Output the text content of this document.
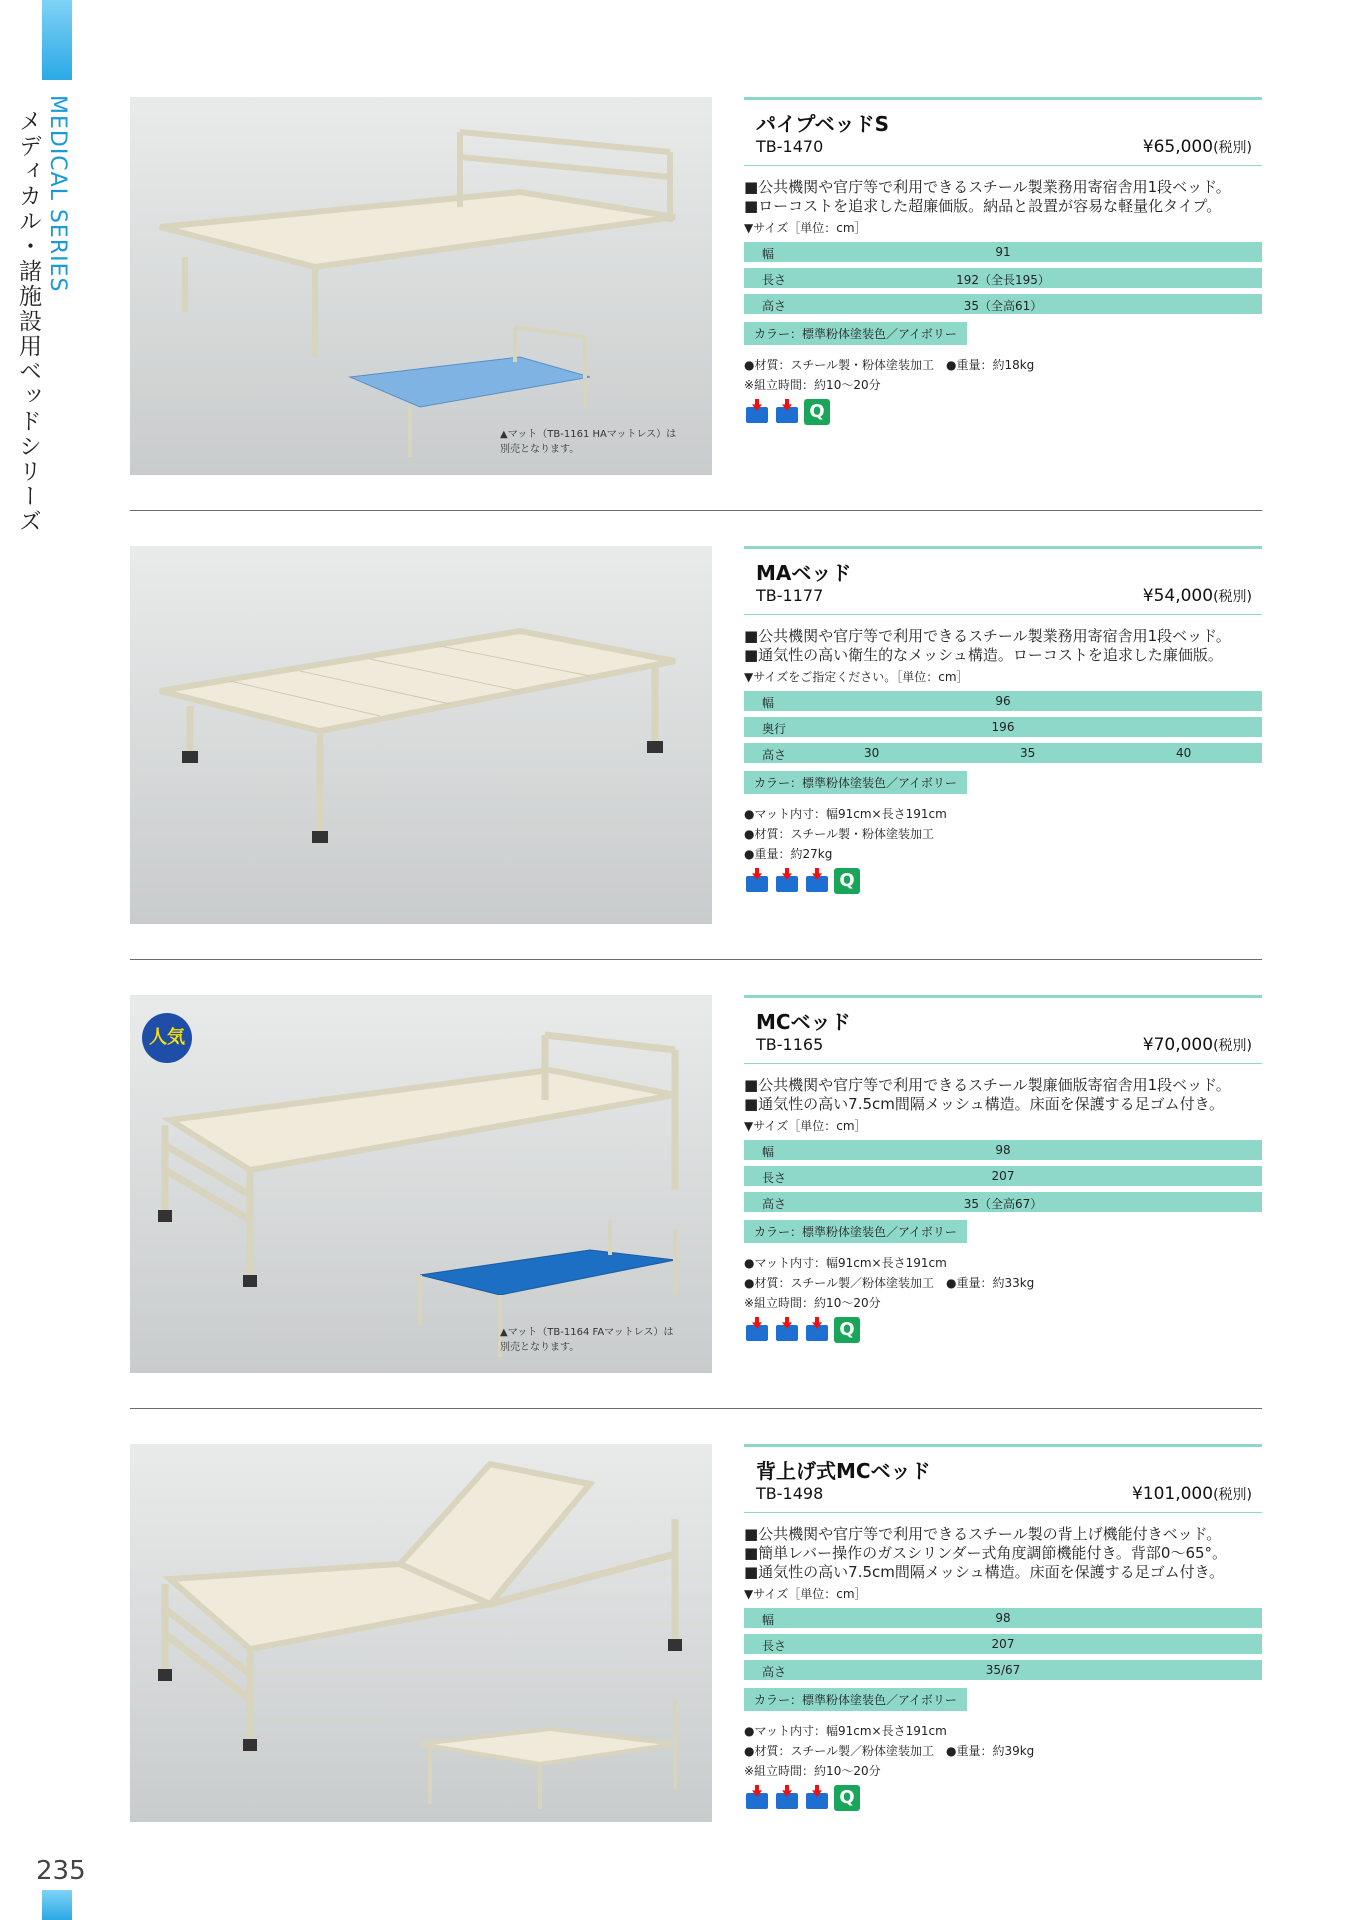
MEDICAL SERIES
メディカル・諸施設用ベッドシリーズ
235
▲マット（TB-1161 HAマットレス）は
別売となります。
パイプベッドS
TB-1470	¥65,000(税別)
■公共機関や官庁等で利用できるスチール製業務用寄宿舎用1段ベッド。
■ローコストを追求した超廉価版。納品と設置が容易な軽量化タイプ。
▼サイズ［単位：cm］
幅	91
長さ	192（全長195）
高さ	35（全高61）
カラー：標準粉体塗装色／アイボリー
●材質：スチール製・粉体塗装加工　●重量：約18kg
※組立時間：約10～20分
Q
MAベッド
TB-1177	¥54,000(税別)
■公共機関や官庁等で利用できるスチール製業務用寄宿舎用1段ベッド。
■通気性の高い衛生的なメッシュ構造。ローコストを追求した廉価版。
▼サイズをご指定ください。［単位：cm］
幅	96
奥行	196
高さ	30	35	40
カラー：標準粉体塗装色／アイボリー
●マット内寸：幅91cm×長さ191cm
●材質：スチール製・粉体塗装加工
●重量：約27kg
Q
人気
▲マット（TB-1164 FAマットレス）は
別売となります。
MCベッド
TB-1165	¥70,000(税別)
■公共機関や官庁等で利用できるスチール製廉価版寄宿舎用1段ベッド。
■通気性の高い7.5cm間隔メッシュ構造。床面を保護する足ゴム付き。
▼サイズ［単位：cm］
幅	98
長さ	207
高さ	35（全高67）
カラー：標準粉体塗装色／アイボリー
●マット内寸：幅91cm×長さ191cm
●材質：スチール製／粉体塗装加工　●重量：約33kg
※組立時間：約10～20分
Q
背上げ式MCベッド
TB-1498	¥101,000(税別)
■公共機関や官庁等で利用できるスチール製の背上げ機能付きベッド。
■簡単レバー操作のガスシリンダー式角度調節機能付き。背部0～65°。
■通気性の高い7.5cm間隔メッシュ構造。床面を保護する足ゴム付き。
▼サイズ［単位：cm］
幅	98
長さ	207
高さ	35/67
カラー：標準粉体塗装色／アイボリー
●マット内寸：幅91cm×長さ191cm
●材質：スチール製／粉体塗装加工　●重量：約39kg
※組立時間：約10～20分
Q
